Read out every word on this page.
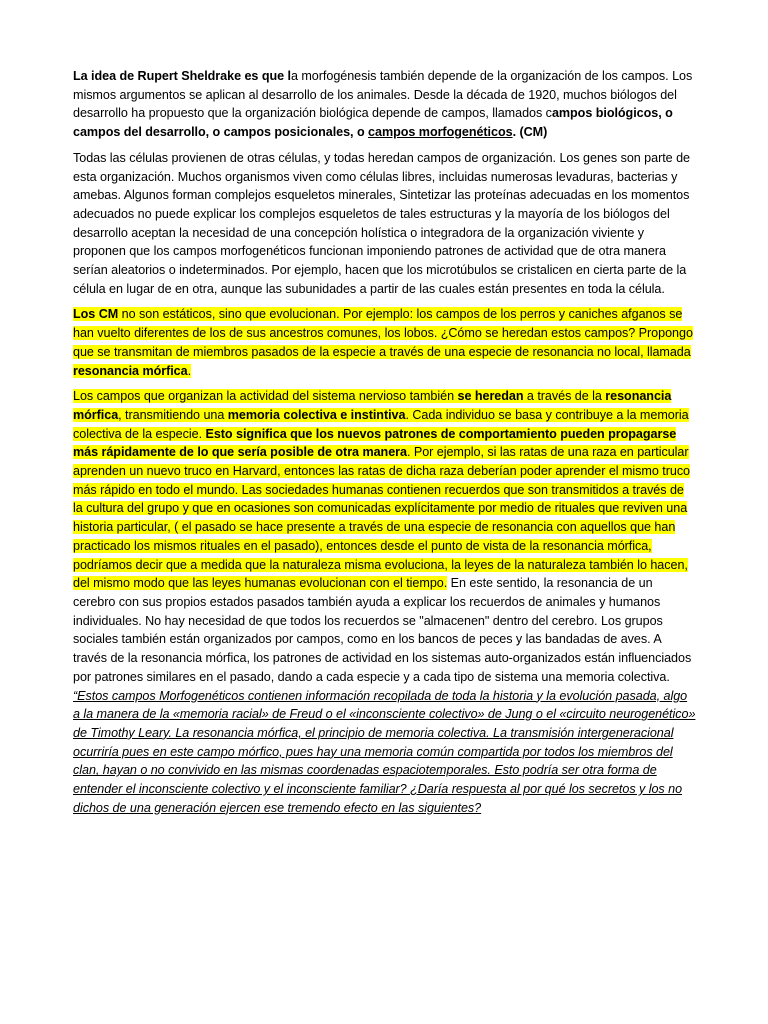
La idea de Rupert Sheldrake es que la morfogénesis también depende de la organización de los campos. Los mismos argumentos se aplican al desarrollo de los animales. Desde la década de 1920, muchos biólogos del desarrollo ha propuesto que la organización biológica depende de campos, llamados campos biológicos, o campos del desarrollo, o campos posicionales, o campos morfogenéticos. (CM)

Todas las células provienen de otras células, y todas heredan campos de organización. Los genes son parte de esta organización. Muchos organismos viven como células libres, incluidas numerosas levaduras, bacterias y amebas. Algunos forman complejos esqueletos minerales, Sintetizar las proteínas adecuadas en los momentos adecuados no puede explicar los complejos esqueletos de tales estructuras y la mayoría de los biólogos del desarrollo aceptan la necesidad de una concepción holística o integradora de la organización viviente y proponen que los campos morfogenéticos funcionan imponiendo patrones de actividad que de otra manera serían aleatorios o indeterminados. Por ejemplo, hacen que los microtúbulos se cristalicen en cierta parte de la célula en lugar de en otra, aunque las subunidades a partir de las cuales están presentes en toda la célula.

Los CM no son estáticos, sino que evolucionan. Por ejemplo: los campos de los perros y caniches afganos se han vuelto diferentes de los de sus ancestros comunes, los lobos. ¿Cómo se heredan estos campos? Propongo que se transmitan de miembros pasados de la especie a través de una especie de resonancia no local, llamada resonancia mórfica.

Los campos que organizan la actividad del sistema nervioso también se heredan a través de la resonancia mórfica, transmitiendo una memoria colectiva e instintiva. Cada individuo se basa y contribuye a la memoria colectiva de la especie. Esto significa que los nuevos patrones de comportamiento pueden propagarse más rápidamente de lo que sería posible de otra manera. Por ejemplo, si las ratas de una raza en particular aprenden un nuevo truco en Harvard, entonces las ratas de dicha raza deberían poder aprender el mismo truco más rápido en todo el mundo. Las sociedades humanas contienen recuerdos que son transmitidos a través de la cultura del grupo y que en ocasiones son comunicadas explícitamente por medio de rituales que reviven una historia particular, ( el pasado se hace presente a través de una especie de resonancia con aquellos que han practicado los mismos rituales en el pasado), entonces desde el punto de vista de la resonancia mórfica, podríamos decir que a medida que la naturaleza misma evoluciona, la leyes de la naturaleza también lo hacen, del mismo modo que las leyes humanas evolucionan con el tiempo. En este sentido, la resonancia de un cerebro con sus propios estados pasados también ayuda a explicar los recuerdos de animales y humanos individuales. No hay necesidad de que todos los recuerdos se "almacenen" dentro del cerebro. Los grupos sociales también están organizados por campos, como en los bancos de peces y las bandadas de aves. A través de la resonancia mórfica, los patrones de actividad en los sistemas auto-organizados están influenciados por patrones similares en el pasado, dando a cada especie y a cada tipo de sistema una memoria colectiva. “Estos campos Morfogenéticos contienen información recopilada de toda la historia y la evolución pasada, algo a la manera de la «memoria racial» de Freud o el «inconsciente colectivo» de Jung o el «circuito neurogenético» de Timothy Leary. La resonancia mórfica, el principio de memoria colectiva. La transmisión intergeneracional ocurriría pues en este campo mórfico, pues hay una memoria común compartida por todos los miembros del clan, hayan o no convivido en las mismas coordenadas espaciotemporales. Esto podría ser otra forma de entender el inconsciente colectivo y el inconsciente familiar? ¿Daría respuesta al por qué los secretos y los no dichos de una generación ejercen ese tremendo efecto en las siguientes?
